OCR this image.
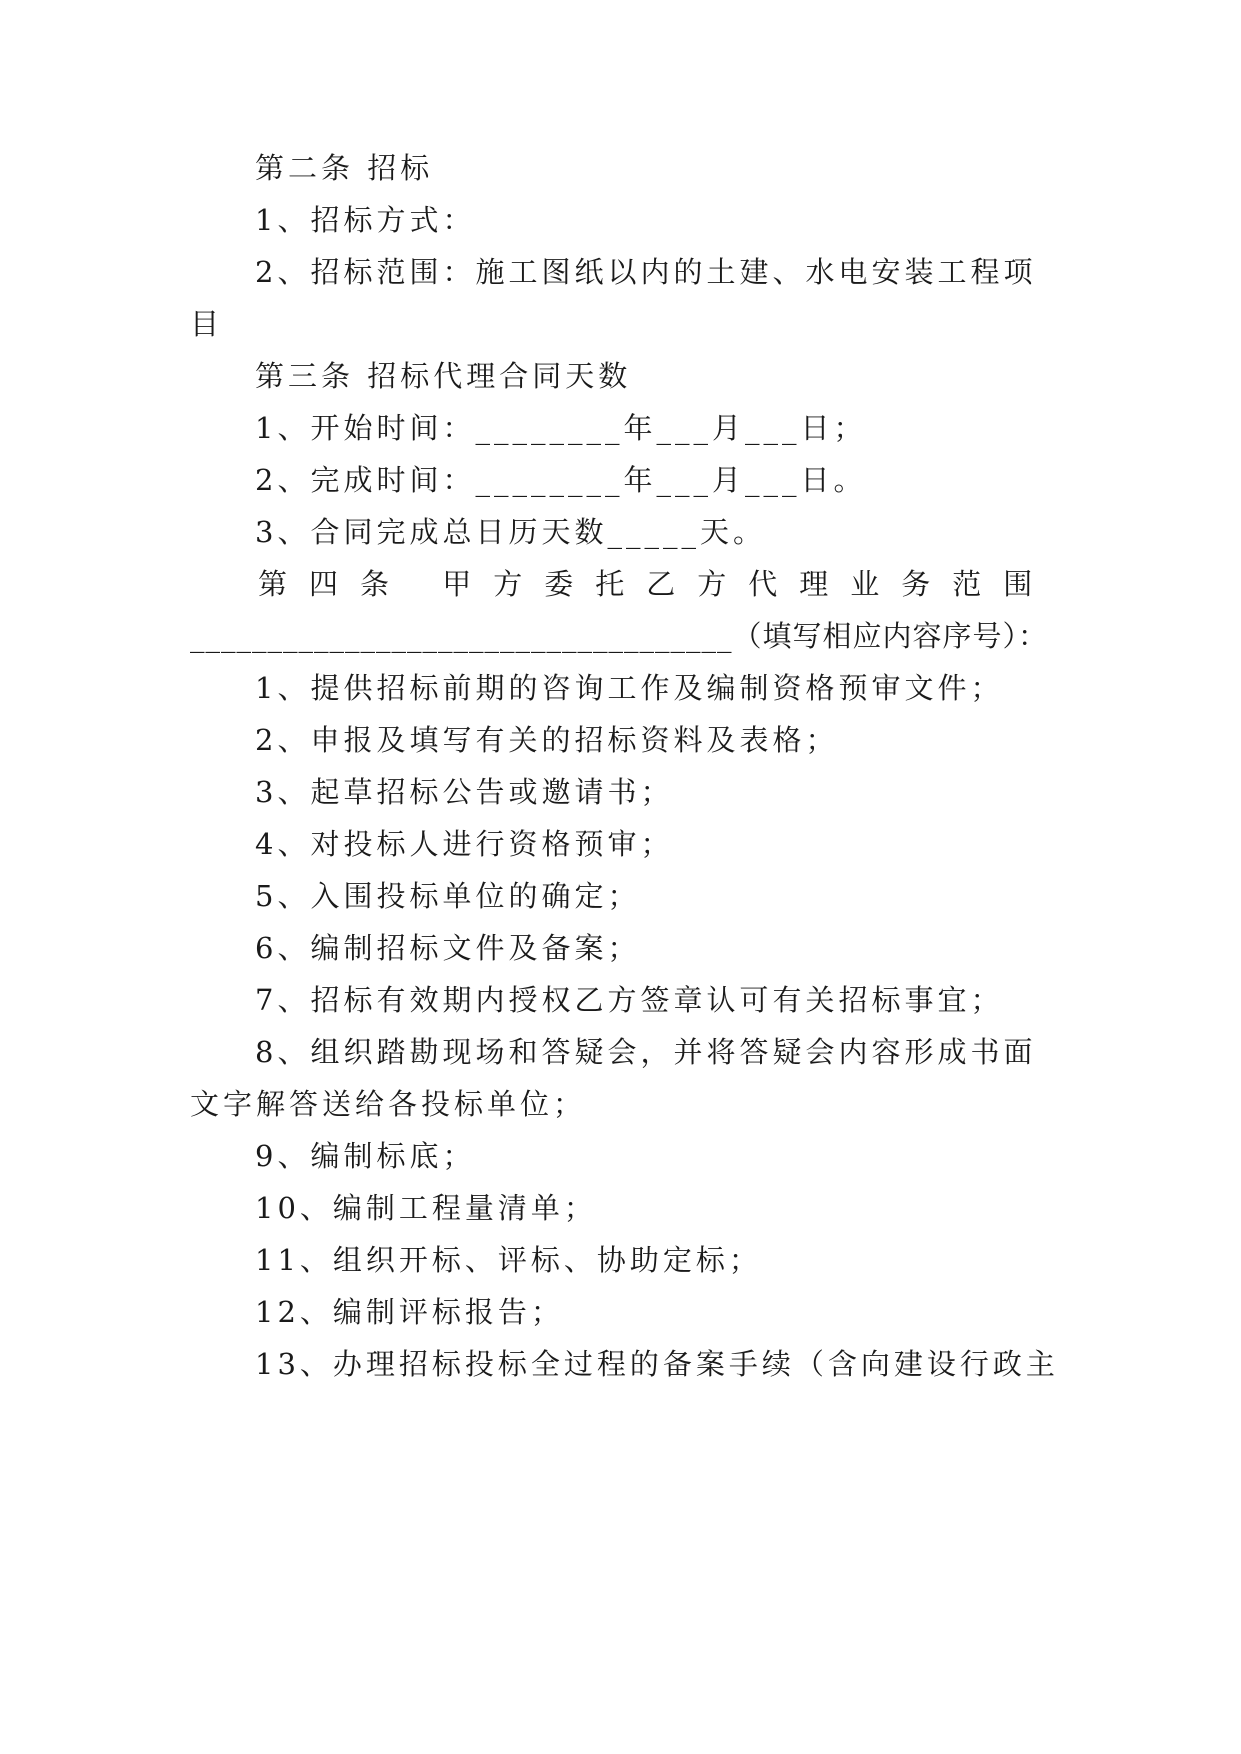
第二条 招标
1、招标方式：
2、招标范围：施工图纸以内的土建、水电安装工程项
目
第三条 招标代理合同天数
1、开始时间：________年___月___日；
2、完成时间：________年___月___日。
3、合同完成总日历天数_____天。
第四条 甲方委托乙方代理业务范围
___________________________________（填写相应内容序号）：
1、提供招标前期的咨询工作及编制资格预审文件；
2、申报及填写有关的招标资料及表格；
3、起草招标公告或邀请书；
4、对投标人进行资格预审；
5、入围投标单位的确定；
6、编制招标文件及备案；
7、招标有效期内授权乙方签章认可有关招标事宜；
8、组织踏勘现场和答疑会，并将答疑会内容形成书面
文字解答送给各投标单位；
9、编制标底；
10、编制工程量清单；
11、组织开标、评标、协助定标；
12、编制评标报告；
13、办理招标投标全过程的备案手续（含向建设行政主
